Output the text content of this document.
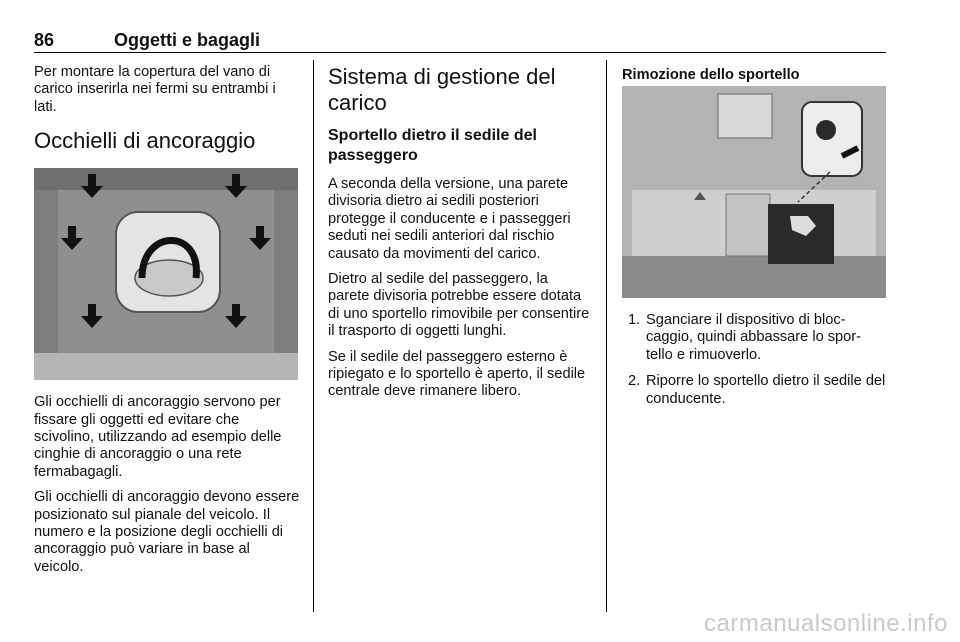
86	Oggetti e bagagli

Per montare la copertura del vano di carico inserirla nei fermi su entrambi i lati.

Occhielli di ancoraggio

Gli occhielli di ancoraggio servono per fissare gli oggetti ed evitare che scivolino, utilizzando ad esempio delle cinghie di ancoraggio o una rete fermabagagli.

Gli occhielli di ancoraggio devono essere posizionato sul pianale del veicolo. Il numero e la posizione degli occhielli di ancoraggio può variare in base al veicolo.

Sistema di gestione del carico
Sportello dietro il sedile del passeggero

A seconda della versione, una parete divisoria dietro ai sedili posteriori protegge il conducente e i passeggeri seduti nei sedili anteriori dal rischio causato da movimenti del carico.

Dietro al sedile del passeggero, la parete divisoria potrebbe essere dotata di uno sportello rimovibile per consentire il trasporto di oggetti lunghi.

Se il sedile del passeggero esterno è ripiegato e lo sportello è aperto, il sedile centrale deve rimanere libero.

Rimozione dello sportello
1. Sganciare il dispositivo di bloc-caggio, quindi abbassare lo spor-tello e rimuoverlo.
2. Riporre lo sportello dietro il sedile del conducente.
carmanualsonline.info
